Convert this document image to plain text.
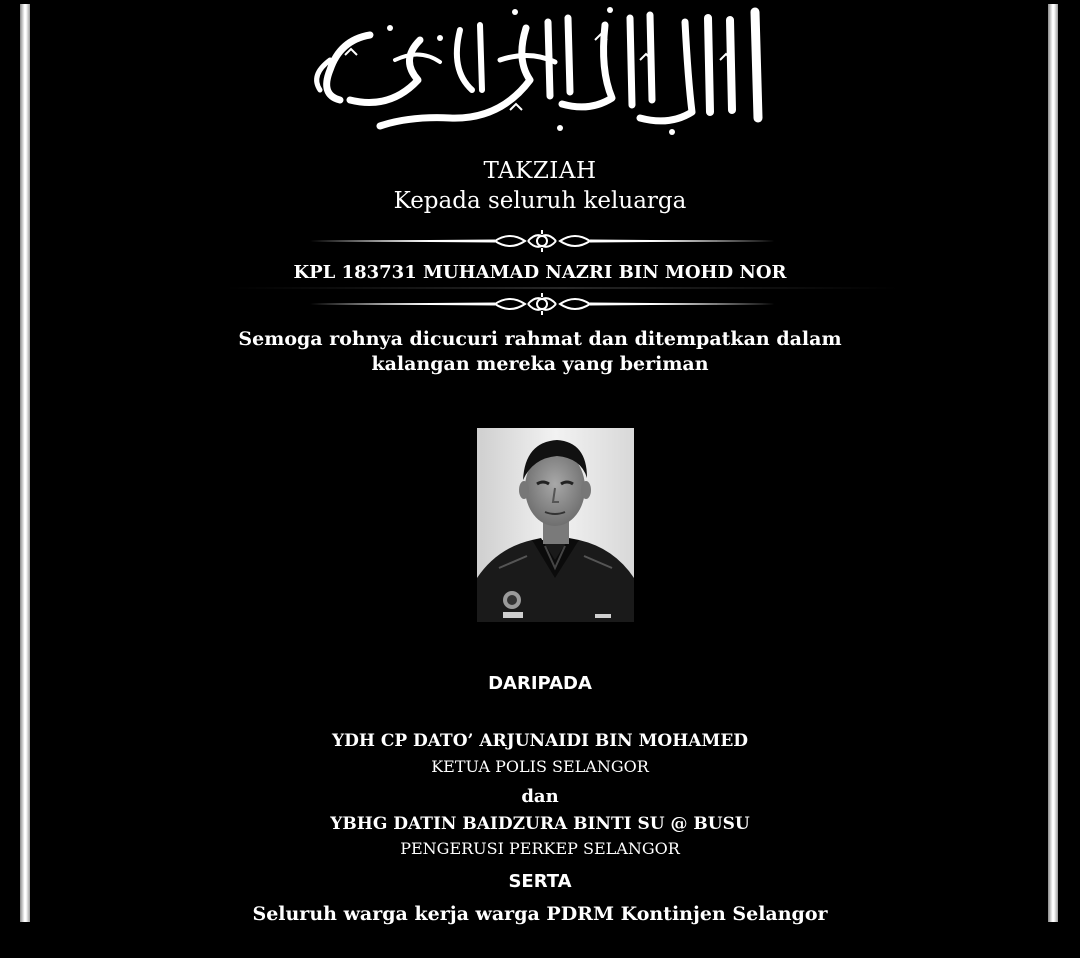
TAKZIAH
Kepada seluruh keluarga
KPL 183731 MUHAMAD NAZRI BIN MOHD NOR
Semoga rohnya dicucuri rahmat dan ditempatkan dalam
kalangan mereka yang beriman
DARIPADA
YDH CP DATO’ ARJUNAIDI BIN MOHAMED
KETUA POLIS SELANGOR
dan
YBHG DATIN BAIDZURA BINTI SU @ BUSU
PENGERUSI PERKEP SELANGOR
SERTA
Seluruh warga kerja warga PDRM Kontinjen Selangor
